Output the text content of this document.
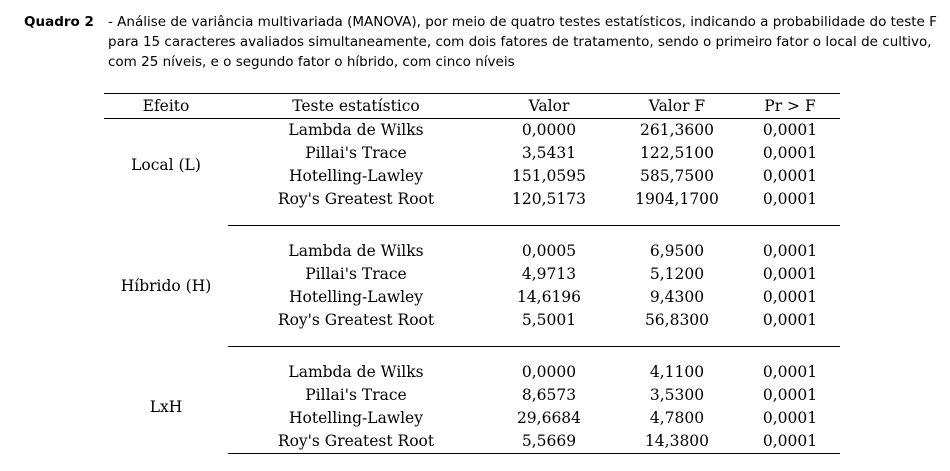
Quadro 2 - Análise de variância multivariada (MANOVA), por meio de quatro testes estatísticos, indicando a probabilidade do teste F para 15 caracteres avaliados simultaneamente, com dois fatores de tratamento, sendo o primeiro fator o local de cultivo, com 25 níveis, e o segundo fator o híbrido, com cinco níveis
Efeito	Teste estatístico	Valor	Valor F	Pr > F
Local (L)	Lambda de Wilks	0,0000	261,3600	0,0001
	Pillai's Trace	3,5431	122,5100	0,0001
	Hotelling-Lawley	151,0595	585,7500	0,0001
	Roy's Greatest Root	120,5173	1904,1700	0,0001

Híbrido (H)	Lambda de Wilks	0,0005	6,9500	0,0001
	Pillai's Trace	4,9713	5,1200	0,0001
	Hotelling-Lawley	14,6196	9,4300	0,0001
	Roy's Greatest Root	5,5001	56,8300	0,0001

LxH	Lambda de Wilks	0,0000	4,1100	0,0001
	Pillai's Trace	8,6573	3,5300	0,0001
	Hotelling-Lawley	29,6684	4,7800	0,0001
	Roy's Greatest Root	5,5669	14,3800	0,0001
